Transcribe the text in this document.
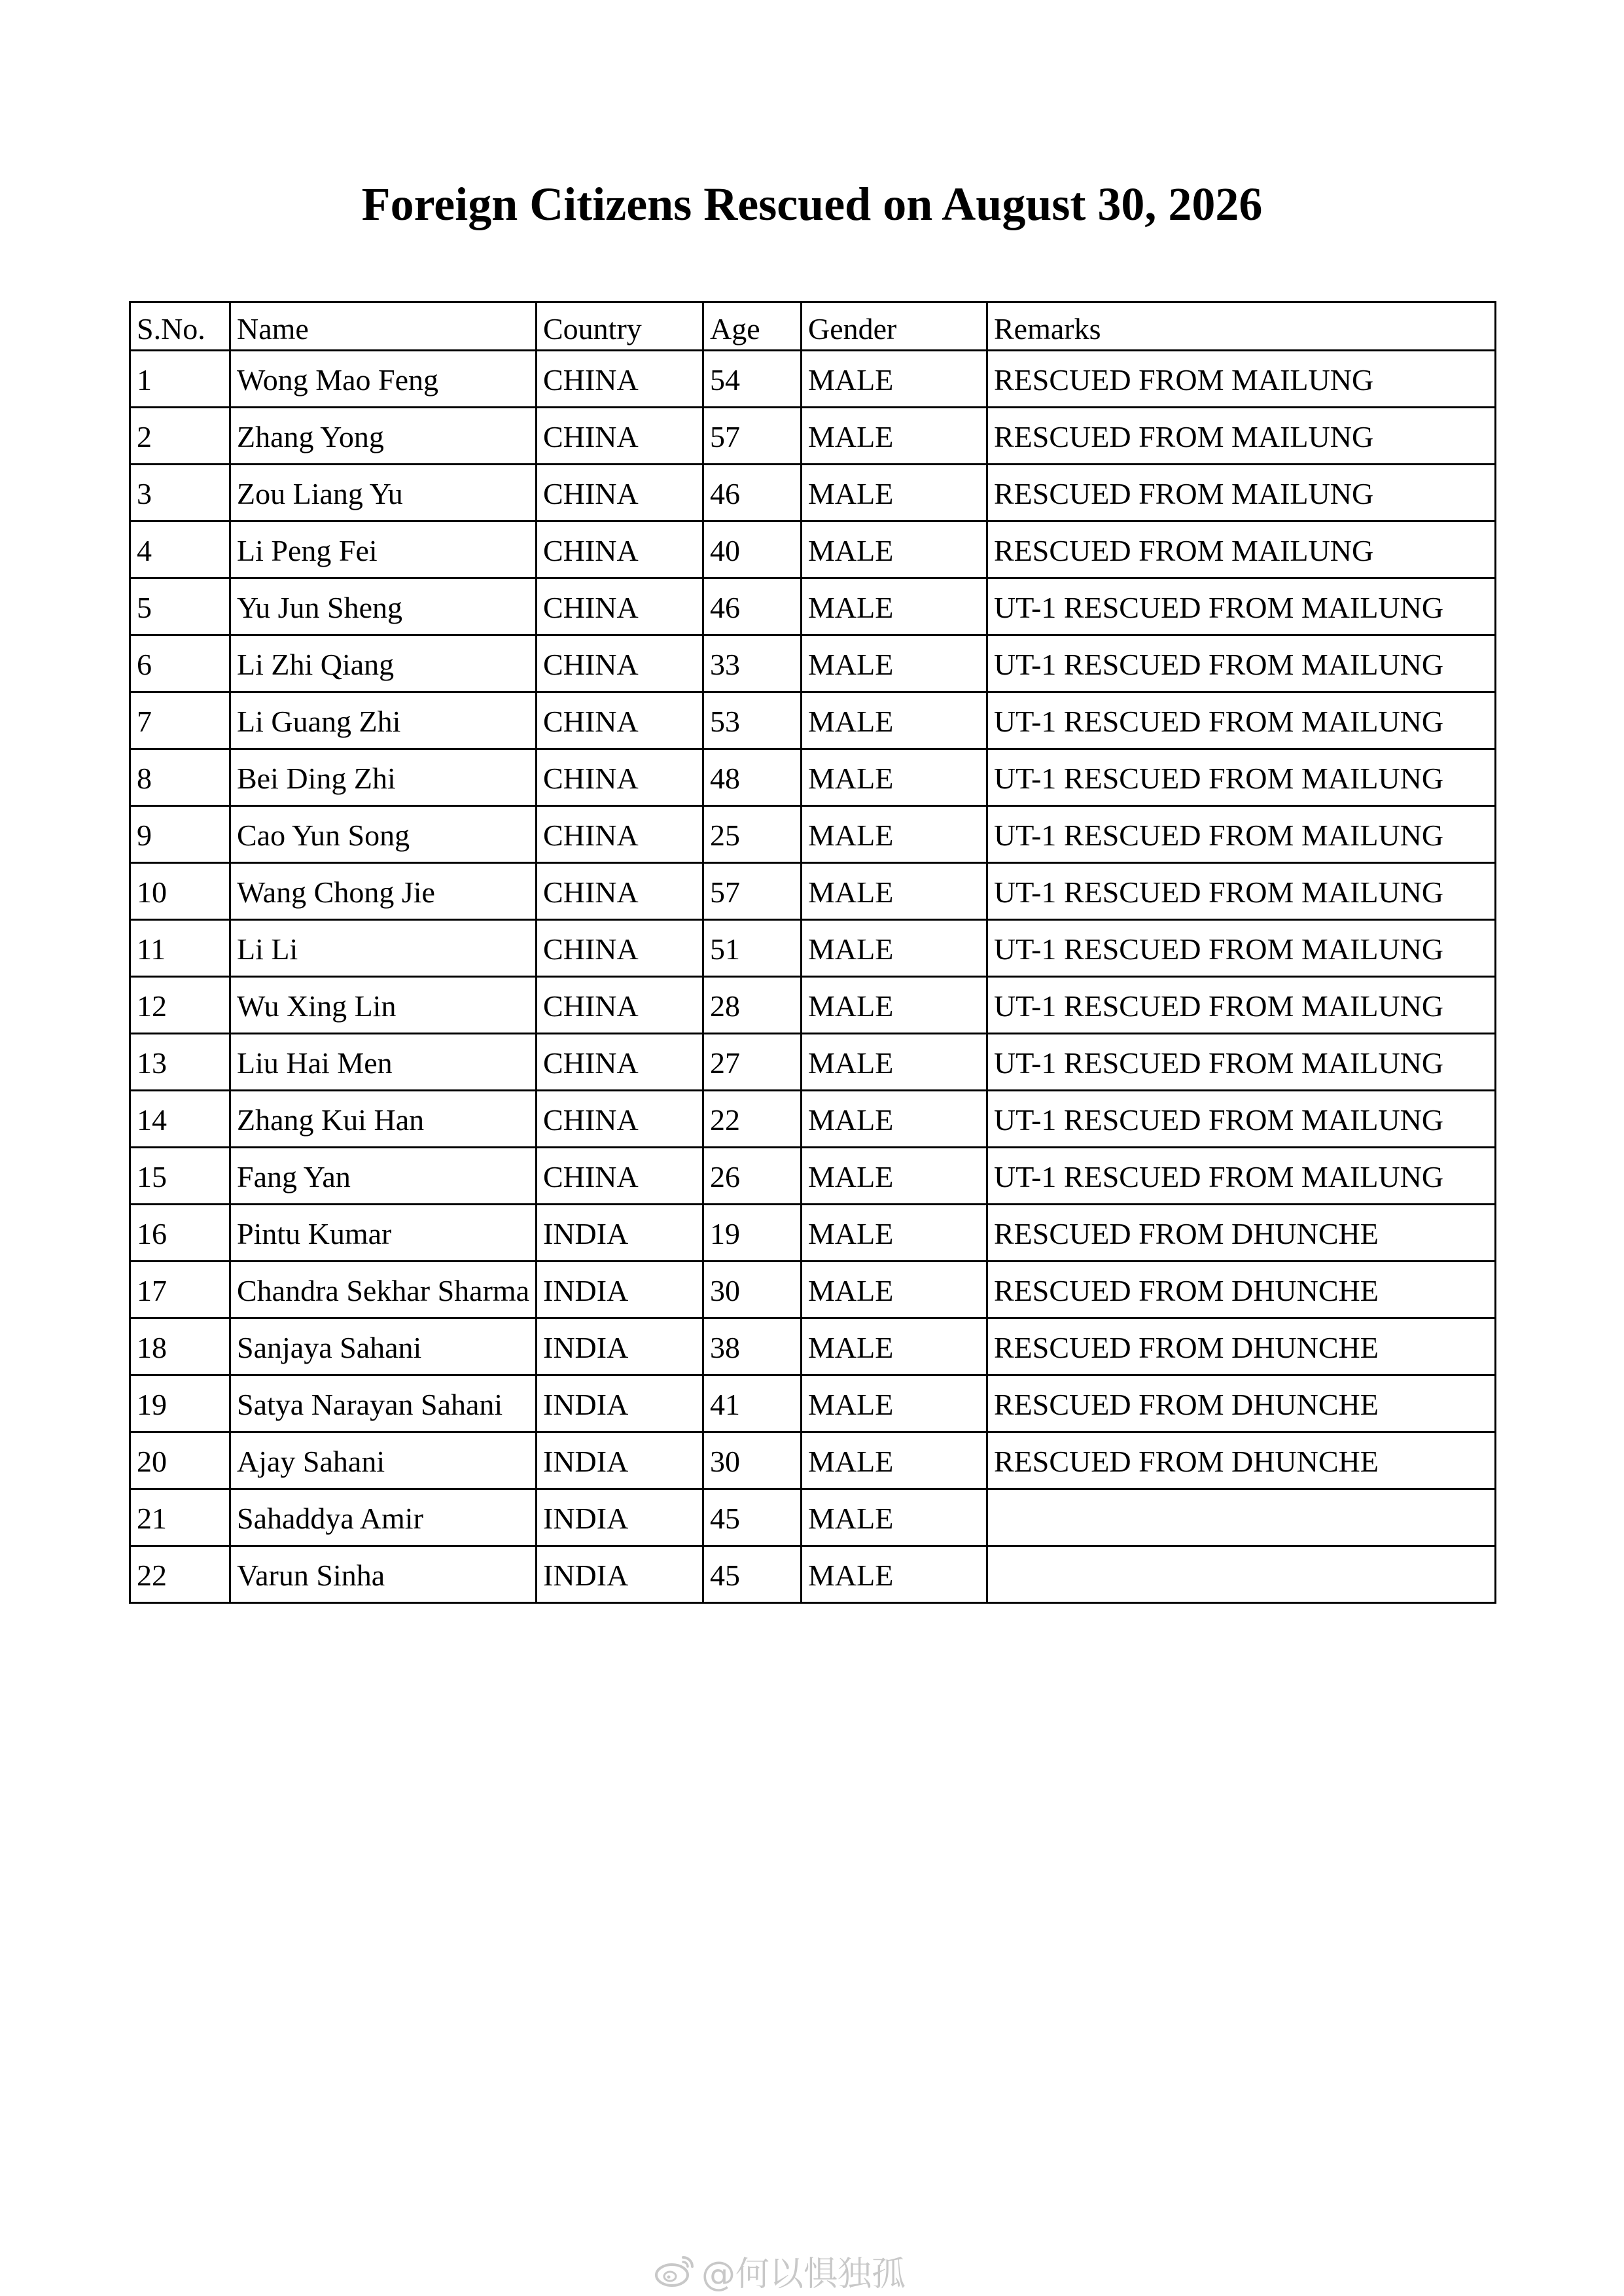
Foreign Citizens Rescued on August 30, 2026
S.No.	Name	Country	Age	Gender	Remarks
1	Wong Mao Feng	CHINA	54	MALE	RESCUED FROM MAILUNG
2	Zhang Yong	CHINA	57	MALE	RESCUED FROM MAILUNG
3	Zou Liang Yu	CHINA	46	MALE	RESCUED FROM MAILUNG
4	Li Peng Fei	CHINA	40	MALE	RESCUED FROM MAILUNG
5	Yu Jun Sheng	CHINA	46	MALE	UT-1 RESCUED FROM MAILUNG
6	Li Zhi Qiang	CHINA	33	MALE	UT-1 RESCUED FROM MAILUNG
7	Li Guang Zhi	CHINA	53	MALE	UT-1 RESCUED FROM MAILUNG
8	Bei Ding Zhi	CHINA	48	MALE	UT-1 RESCUED FROM MAILUNG
9	Cao Yun Song	CHINA	25	MALE	UT-1 RESCUED FROM MAILUNG
10	Wang Chong Jie	CHINA	57	MALE	UT-1 RESCUED FROM MAILUNG
11	Li Li	CHINA	51	MALE	UT-1 RESCUED FROM MAILUNG
12	Wu Xing Lin	CHINA	28	MALE	UT-1 RESCUED FROM MAILUNG
13	Liu Hai Men	CHINA	27	MALE	UT-1 RESCUED FROM MAILUNG
14	Zhang Kui Han	CHINA	22	MALE	UT-1 RESCUED FROM MAILUNG
15	Fang Yan	CHINA	26	MALE	UT-1 RESCUED FROM MAILUNG
16	Pintu Kumar	INDIA	19	MALE	RESCUED FROM DHUNCHE
17	Chandra Sekhar Sharma	INDIA	30	MALE	RESCUED FROM DHUNCHE
18	Sanjaya Sahani	INDIA	38	MALE	RESCUED FROM DHUNCHE
19	Satya Narayan Sahani	INDIA	41	MALE	RESCUED FROM DHUNCHE
20	Ajay Sahani	INDIA	30	MALE	RESCUED FROM DHUNCHE
21	Sahaddya Amir	INDIA	45	MALE	
22	Varun Sinha	INDIA	45	MALE	
@何以惧独孤
